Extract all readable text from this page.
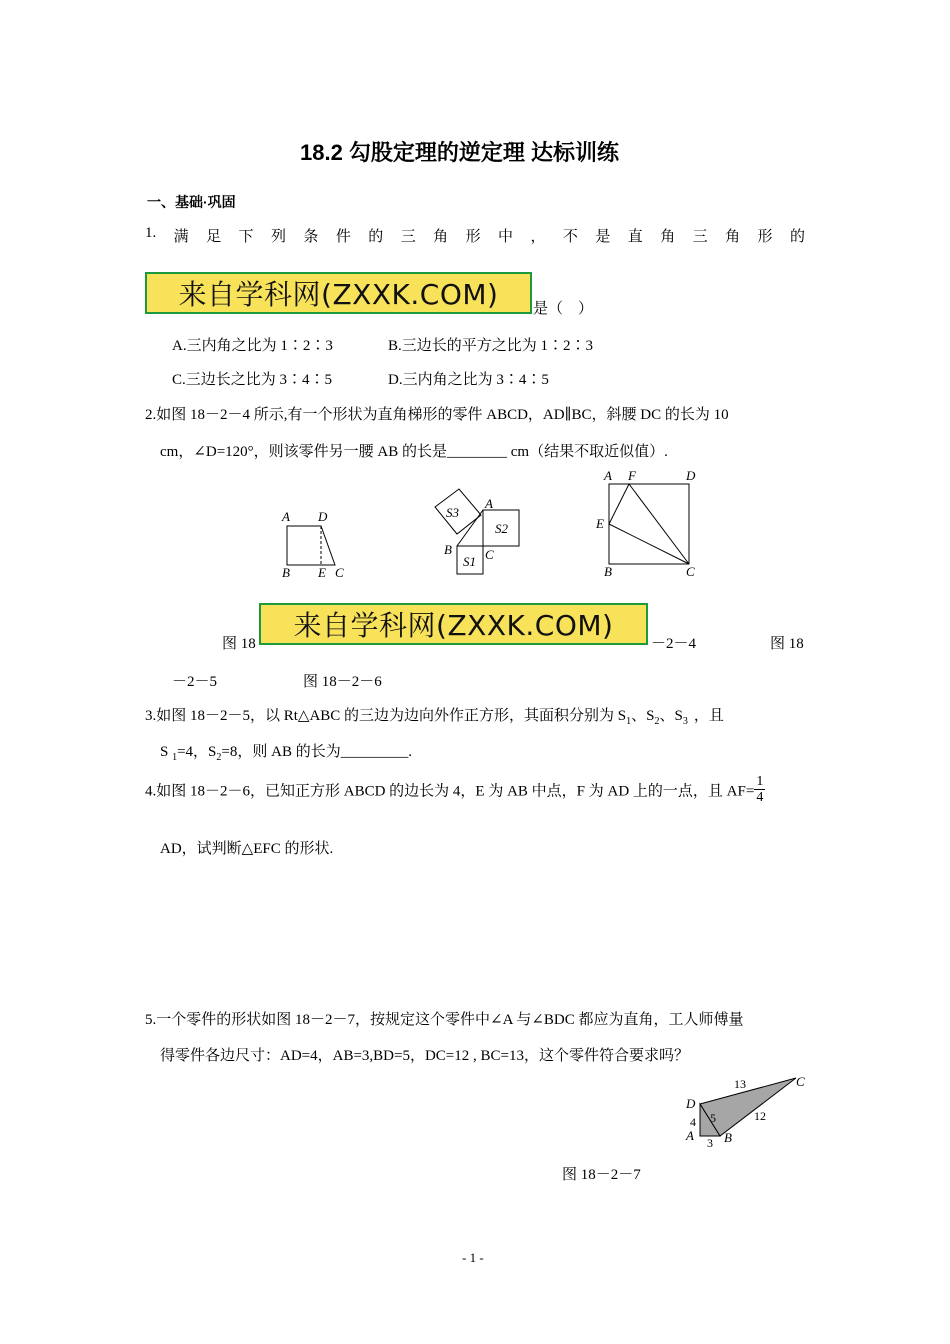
18.2 勾股定理的逆定理 达标训练
一、基础·巩固
1. 满 足 下 列 条 件 的 三 角 形 中 ， 不 是 直 角 三 角 形 的
来自学科网(ZXXK.COM)	是（　）
A.三内角之比为 1∶2∶3	B.三边长的平方之比为 1∶2∶3
C.三边长之比为 3∶4∶5	D.三内角之比为 3∶4∶5
2.如图 18－2－4 所示,有一个形状为直角梯形的零件 ABCD，AD∥BC，斜腰 DC 的长为 10
cm，∠D=120°，则该零件另一腰 AB 的长是________ cm（结果不取近似值）.
A D
B E C
S3
A
S2
B	C
S1
A F	D
E
B	C
图 18
来自学科网(ZXXK.COM)
－2－4	图 18
－2－5	图 18－2－6
3.如图 18－2－5，以 Rt△ABC 的三边为边向外作正方形，其面积分别为 $S_1$、$S_2$、$S_3$ ，且
S $_1$=4，$S_2=8$，则 AB 的长为_________.
4.如图 18－2－6，已知正方形 ABCD 的边长为 4，E 为 AB 中点，F 为 AD 上的一点，且 $AF= \frac{1}{4}$
AD，试判断△EFC 的形状.
5.一个零件的形状如图 18－2－7，按规定这个零件中∠A 与∠BDC 都应为直角，工人师傅量
得零件各边尺寸：AD=4，AB=3,BD=5，DC=12 , BC=13，这个零件符合要求吗？
D
A B
C
13
5	12
4
3
图 18－2－7
- 1 -
